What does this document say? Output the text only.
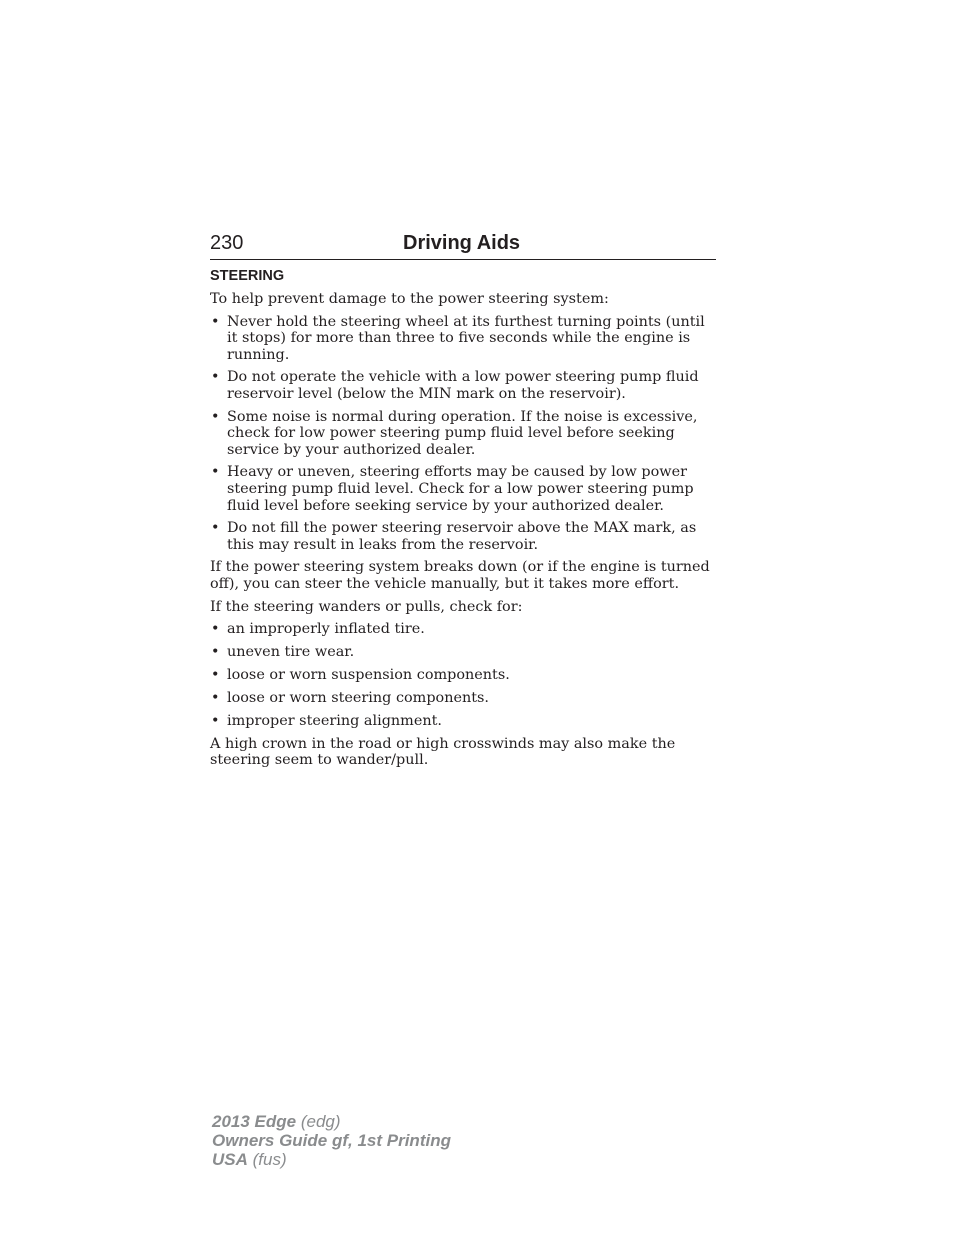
230	Driving Aids
STEERING

To help prevent damage to the power steering system:

• Never hold the steering wheel at its furthest turning points (until it stops) for more than three to five seconds while the engine is running.
• Do not operate the vehicle with a low power steering pump fluid reservoir level (below the MIN mark on the reservoir).
• Some noise is normal during operation. If the noise is excessive, check for low power steering pump fluid level before seeking service by your authorized dealer.
• Heavy or uneven, steering efforts may be caused by low power steering pump fluid level. Check for a low power steering pump fluid level before seeking service by your authorized dealer.
• Do not fill the power steering reservoir above the MAX mark, as this may result in leaks from the reservoir.

If the power steering system breaks down (or if the engine is turned off), you can steer the vehicle manually, but it takes more effort.

If the steering wanders or pulls, check for:

• an improperly inflated tire.
• uneven tire wear.
• loose or worn suspension components.
• loose or worn steering components.
• improper steering alignment.

A high crown in the road or high crosswinds may also make the steering seem to wander/pull.

2013 Edge (edg)
Owners Guide gf, 1st Printing
USA (fus)
